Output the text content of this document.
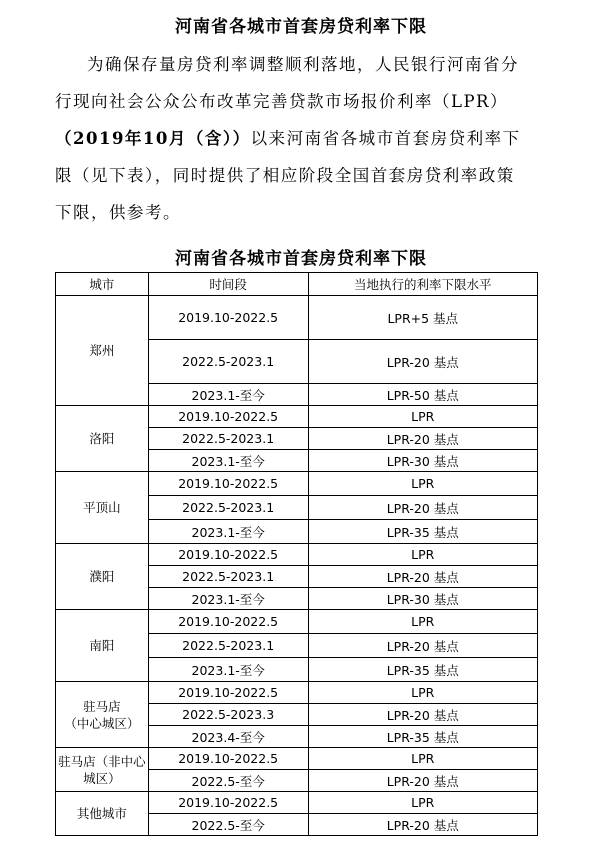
河南省各城市首套房贷利率下限
为确保存量房贷利率调整顺利落地，人民银行河南省分
行现向社会公众公布改革完善贷款市场报价利率（LPR）
（2019年10月（含））以来河南省各城市首套房贷利率下
限（见下表），同时提供了相应阶段全国首套房贷利率政策
下限，供参考。
河南省各城市首套房贷利率下限
城市	时间段	当地执行的利率下限水平
郑州	2019.10-2022.5	LPR+5 基点
	2022.5-2023.1	LPR-20 基点
	2023.1-至今	LPR-50 基点
洛阳	2019.10-2022.5	LPR
	2022.5-2023.1	LPR-20 基点
	2023.1-至今	LPR-30 基点
平顶山	2019.10-2022.5	LPR
	2022.5-2023.1	LPR-20 基点
	2023.1-至今	LPR-35 基点
濮阳	2019.10-2022.5	LPR
	2022.5-2023.1	LPR-20 基点
	2023.1-至今	LPR-30 基点
南阳	2019.10-2022.5	LPR
	2022.5-2023.1	LPR-20 基点
	2023.1-至今	LPR-35 基点

驻马店
（中心城区）	2019.10-2022.5	LPR
	2022.5-2023.3	LPR-20 基点
	2023.4-至今	LPR-35 基点

驻马店（非中心
城区）	2019.10-2022.5	LPR
	2022.5-至今	LPR-20 基点
其他城市	2019.10-2022.5	LPR
	2022.5-至今	LPR-20 基点
